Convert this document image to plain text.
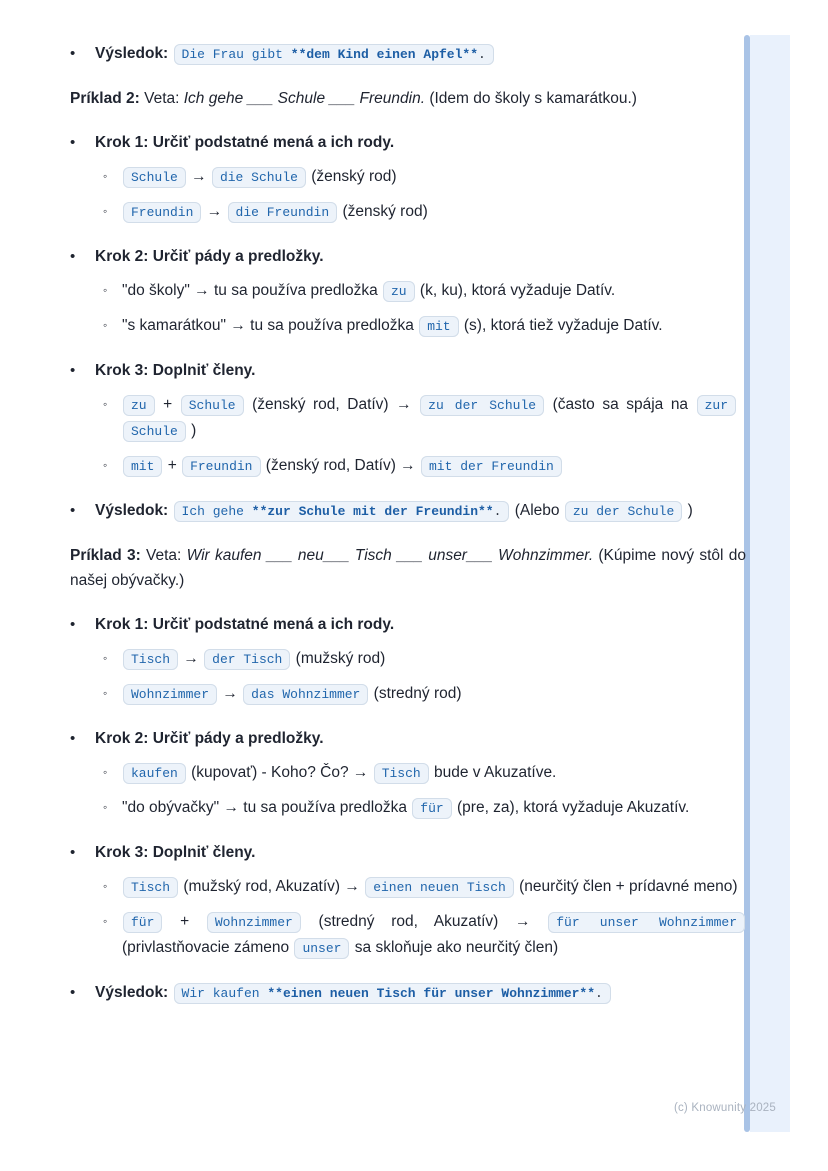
•	Výsledok: Die Frau gibt **dem Kind einen Apfel**.

Príklad 2: Veta: Ich gehe ___ Schule ___ Freundin. (Idem do školy s kamarátkou.)

•	Krok 1: Určiť podstatné mená a ich rody.
◦	Schule → die Schule (ženský rod)
◦	Freundin → die Freundin (ženský rod)
•	Krok 2: Určiť pády a predložky.
◦ "do školy" → tu sa používa predložka zu (k, ku), ktorá vyžaduje Datív.
◦ "s kamarátkou" → tu sa používa predložka mit (s), ktorá tiež vyžaduje Datív.
•	Krok 3: Doplniť členy.
◦	zu + Schule (ženský rod, Datív) → zu der Schule (často sa spája na zur Schule )
◦	mit + Freundin (ženský rod, Datív) → mit der Freundin
•	Výsledok: Ich gehe **zur Schule mit der Freundin**. (Alebo zu der Schule )

Príklad 3: Veta: Wir kaufen ___ neu___ Tisch ___ unser___ Wohnzimmer. (Kúpime nový stôl do našej obývačky.)

•	Krok 1: Určiť podstatné mená a ich rody.
◦	Tisch → der Tisch (mužský rod)
◦	Wohnzimmer → das Wohnzimmer (stredný rod)
•	Krok 2: Určiť pády a predložky.
◦	kaufen (kupovať) - Koho? Čo? → Tisch bude v Akuzatíve.
◦ "do obývačky" → tu sa používa predložka für (pre, za), ktorá vyžaduje Akuzatív.
•	Krok 3: Doplniť členy.
◦	Tisch (mužský rod, Akuzatív) → einen neuen Tisch (neurčitý člen + prídavné meno)
◦	für + Wohnzimmer (stredný rod, Akuzatív) → für unser Wohnzimmer (privlastňovacie zámeno unser sa skloňuje ako neurčitý člen)
•	Výsledok: Wir kaufen **einen neuen Tisch für unser Wohnzimmer**.
(c) Knowunity 2025
